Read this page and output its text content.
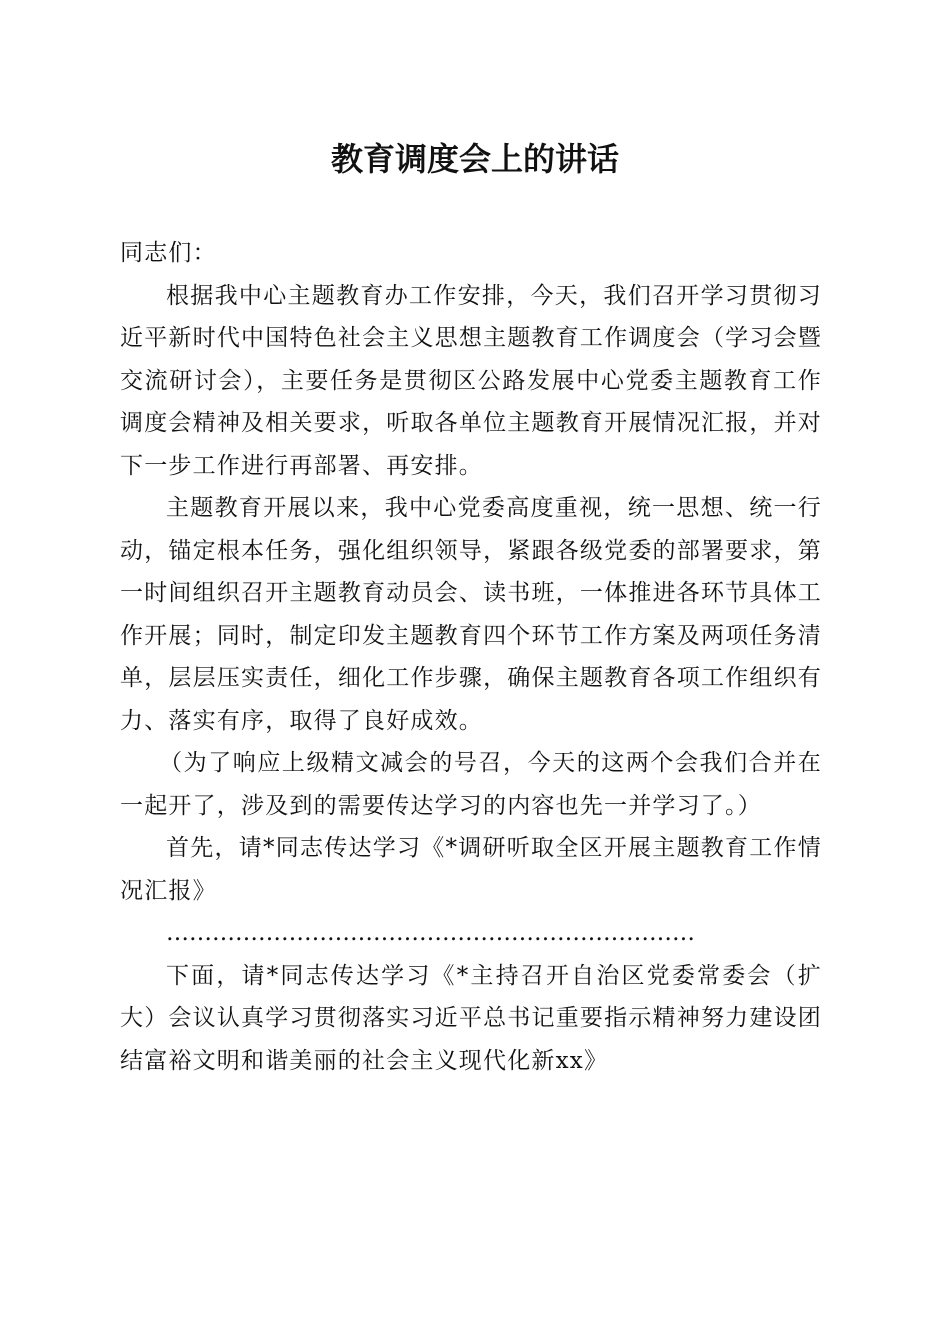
教育调度会上的讲话

同志们：

根据我中心主题教育办工作安排，今天，我们召开学习贯彻习近平新时代中国特色社会主义思想主题教育工作调度会（学习会暨交流研讨会），主要任务是贯彻区公路发展中心党委主题教育工作调度会精神及相关要求，听取各单位主题教育开展情况汇报，并对下一步工作进行再部署、再安排。

主题教育开展以来，我中心党委高度重视，统一思想、统一行动，锚定根本任务，强化组织领导，紧跟各级党委的部署要求，第一时间组织召开主题教育动员会、读书班，一体推进各环节具体工作开展；同时，制定印发主题教育四个环节工作方案及两项任务清单，层层压实责任，细化工作步骤，确保主题教育各项工作组织有力、落实有序，取得了良好成效。

（为了响应上级精文减会的号召，今天的这两个会我们合并在一起开了，涉及到的需要传达学习的内容也先一并学习了。）

首先，请*同志传达学习《*调研听取全区开展主题教育工作情况汇报》

……………………………………………………………

下面，请*同志传达学习《*主持召开自治区党委常委会（扩大）会议认真学习贯彻落实习近平总书记重要指示精神努力建设团结富裕文明和谐美丽的社会主义现代化新xx》
